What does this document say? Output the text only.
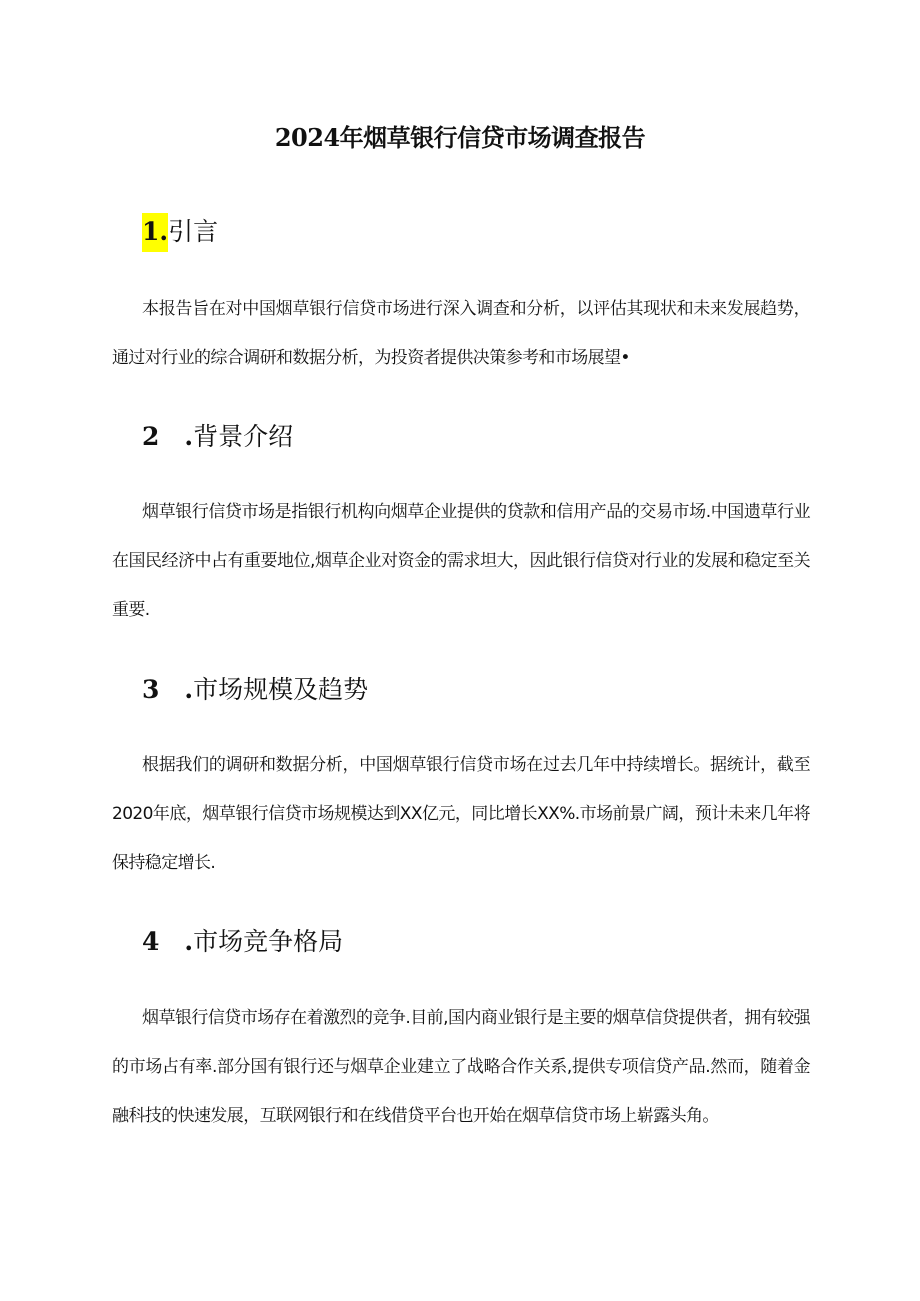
2024年烟草银行信贷市场调查报告
1.引言
本报告旨在对中国烟草银行信贷市场进行深入调查和分析，以评估其现状和未来发展趋势，通过对行业的综合调研和数据分析，为投资者提供决策参考和市场展望•
2　.背景介绍
烟草银行信贷市场是指银行机构向烟草企业提供的贷款和信用产品的交易市场.中国遗草行业在国民经济中占有重要地位,烟草企业对资金的需求坦大，因此银行信贷对行业的发展和稳定至关重要.
3　.市场规模及趋势
根据我们的调研和数据分析，中国烟草银行信贷市场在过去几年中持续增长。据统计，截至2020年底，烟草银行信贷市场规模达到XX亿元，同比增长XX%.市场前景广阔，预计未来几年将保持稳定增长.
4　.市场竞争格局
烟草银行信贷市场存在着激烈的竞争.目前,国内商业银行是主要的烟草信贷提供者，拥有较强的市场占有率.部分国有银行还与烟草企业建立了战略合作关系,提供专项信贷产品.然而，随着金融科技的快速发展，互联网银行和在线借贷平台也开始在烟草信贷市场上崭露头角。
